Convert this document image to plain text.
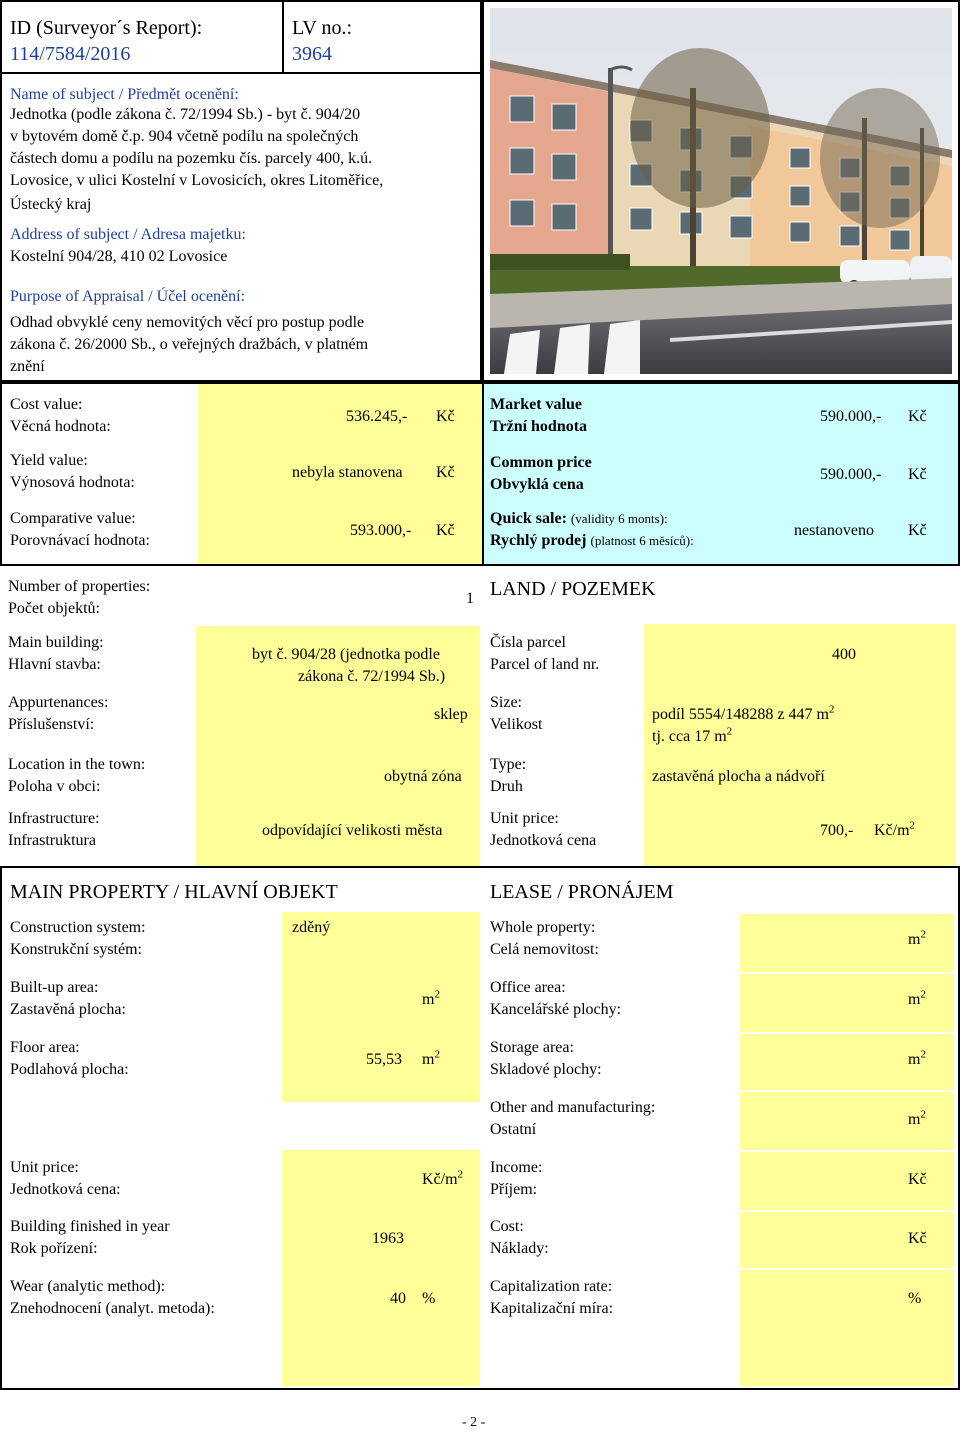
ID (Surveyor´s Report):
114/7584/2016
LV no.:
3964
Name of subject / Předmět ocenění:
Jednotka (podle zákona č. 72/1994 Sb.) - byt č. 904/20
v bytovém domě č.p. 904 včetně podílu na společných
částech domu a podílu na pozemku čís. parcely 400, k.ú.
Lovosice, v ulici Kostelní v Lovosicích, okres Litoměřice,
Ústecký kraj
Address of subject / Adresa majetku:
Kostelní 904/28, 410 02 Lovosice
Purpose of Appraisal / Účel ocenění:
Odhad obvyklé ceny nemovitých věcí pro postup podle
zákona č. 26/2000 Sb., o veřejných dražbách, v platném
znění
Cost value:
Věcná hodnota:
536.245,- Kč
Yield value:
Výnosová hodnota:
nebyla stanovena Kč
Comparative value:
Porovnávací hodnota:
593.000,- Kč
Market value
Tržní hodnota
590.000,- Kč
Common price
Obvyklá cena
590.000,- Kč
Quick sale: (validity 6 monts):
Rychlý prodej (platnost 6 měsíců):
nestanoveno Kč
Number of properties:
Počet objektů:
1
Main building:
Hlavní stavba:
byt č. 904/28 (jednotka podle
zákona č. 72/1994 Sb.)
Appurtenances:
Příslušenství:
sklep
Location in the town:
Poloha v obci:
obytná zóna
Infrastructure:
Infrastruktura
odpovídající velikosti města
LAND / POZEMEK
Čísla parcel
Parcel of land nr.
400
Size:
Velikost
podíl 5554/148288 z 447 $m^2$
tj. cca 17 $m^2$
Type:
Druh
zastavěná plocha a nádvoří
Unit price:
Jednotková cena
700,- $Kč/m^2$
MAIN PROPERTY / HLAVNÍ OBJEKT	LEASE / PRONÁJEM
Construction system:
Konstrukční systém:
zděný
Built-up area:
Zastavěná plocha:
$m^2$
Floor area:
Podlahová plocha:
55,53 $m^2$
Unit price:
Jednotková cena:
$Kč/m^2$
Building finished in year
Rok pořízení:
1963
Wear (analytic method):
Znehodnocení (analyt. metoda):
40 %
Whole property:
Celá nemovitost:
$m^2$
Office area:
Kancelářské plochy:
$m^2$
Storage area:
Skladové plochy:
$m^2$
Other and manufacturing:
Ostatní
$m^2$
Income:
Příjem:
Kč
Cost:
Náklady:
Kč
Capitalization rate:
Kapitalizační míra:
%
- 2 -
